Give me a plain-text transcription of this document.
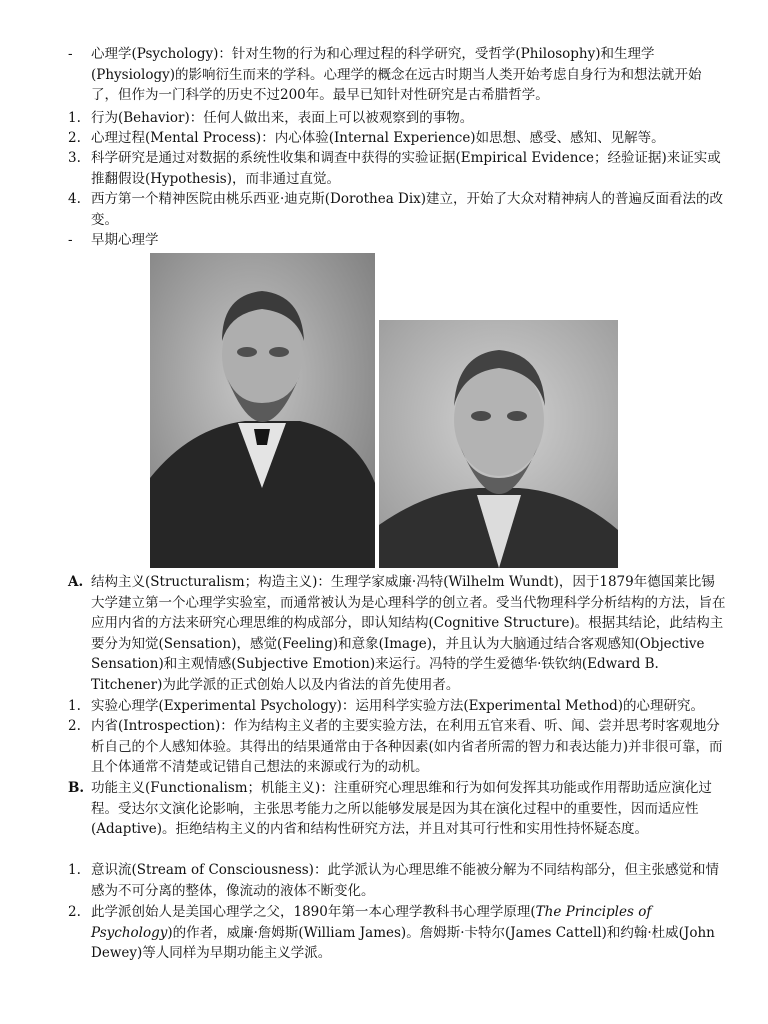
-	心理学(Psychology)：针对生物的行为和心理过程的科学研究，受哲学(Philosophy)和生理学(Physiology)的影响衍生而来的学科。心理学的概念在远古时期当人类开始考虑自身行为和想法就开始了，但作为一门科学的历史不过200年。最早已知针对性研究是古希腊哲学。
1. 行为(Behavior)：任何人做出来，表面上可以被观察到的事物。
2. 心理过程(Mental Process)：内心体验(Internal Experience)如思想、感受、感知、见解等。
3. 科学研究是通过对数据的系统性收集和调查中获得的实验证据(Empirical Evidence；经验证据)来证实或推翻假设(Hypothesis)，而非通过直觉。
4. 西方第一个精神医院由桃乐西亚·迪克斯(Dorothea Dix)建立，开始了大众对精神病人的普遍反面看法的改变。
-	早期心理学
A. 结构主义(Structuralism；构造主义)：生理学家威廉·冯特(Wilhelm Wundt)，因于1879年德国莱比锡大学建立第一个心理学实验室，而通常被认为是心理科学的创立者。受当代物理科学分析结构的方法，旨在应用内省的方法来研究心理思维的构成部分，即认知结构(Cognitive Structure)。根据其结论，此结构主要分为知觉(Sensation)，感觉(Feeling)和意象(Image)，并且认为大脑通过结合客观感知(Objective Sensation)和主观情感(Subjective Emotion)来运行。冯特的学生爱德华·铁钦纳(Edward B. Titchener)为此学派的正式创始人以及内省法的首先使用者。
1. 实验心理学(Experimental Psychology)：运用科学实验方法(Experimental Method)的心理研究。
2. 内省(Introspection)：作为结构主义者的主要实验方法，在利用五官来看、听、闻、尝并思考时客观地分析自己的个人感知体验。其得出的结果通常由于各种因素(如内省者所需的智力和表达能力)并非很可靠，而且个体通常不清楚或记错自己想法的来源或行为的动机。
B. 功能主义(Functionalism；机能主义)：注重研究心理思维和行为如何发挥其功能或作用帮助适应演化过程。受达尔文演化论影响，主张思考能力之所以能够发展是因为其在演化过程中的重要性，因而适应性(Adaptive)。拒绝结构主义的内省和结构性研究方法，并且对其可行性和实用性持怀疑态度。
1. 意识流(Stream of Consciousness)：此学派认为心理思维不能被分解为不同结构部分，但主张感觉和情感为不可分离的整体，像流动的液体不断变化。
2. 此学派创始人是美国心理学之父，1890年第一本心理学教科书心理学原理(The Principles of Psychology)的作者，威廉·詹姆斯(William James)。詹姆斯·卡特尔(James Cattell)和约翰·杜威(John Dewey)等人同样为早期功能主义学派。
